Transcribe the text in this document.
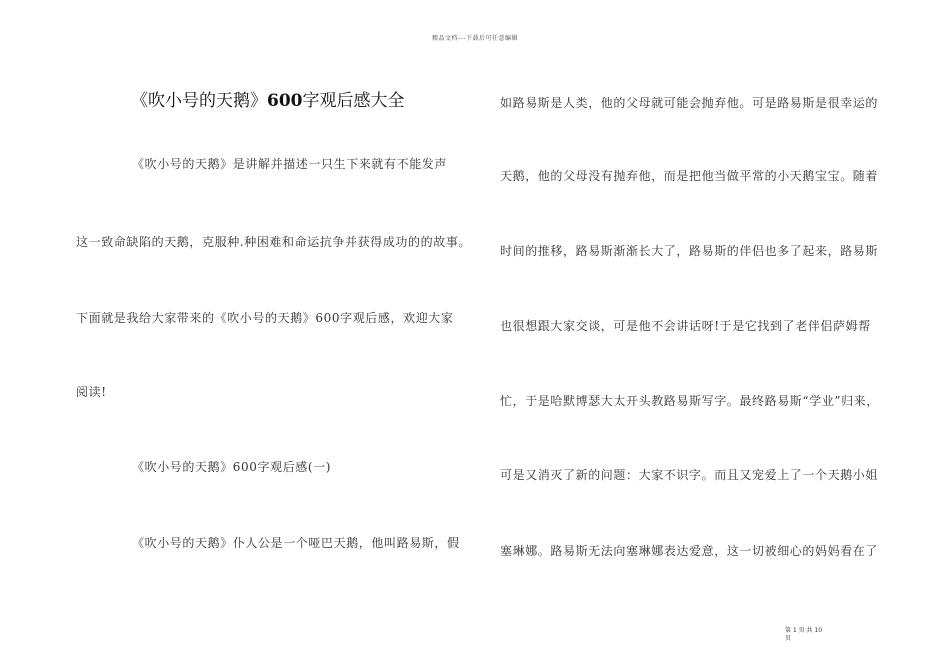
精品文档---下载后可任意编辑
《吹小号的天鹅》600字观后感大全
《吹小号的天鹅》是讲解并描述一只生下来就有不能发声
这一致命缺陷的天鹅，克服种.种困难和命运抗争并获得成功的的故事。
下面就是我给大家带来的《吹小号的天鹅》600字观后感，欢迎大家
阅读!
《吹小号的天鹅》600字观后感(一)
《吹小号的天鹅》仆人公是一个哑巴天鹅，他叫路易斯，假
如路易斯是人类，他的父母就可能会抛弃他。可是路易斯是很幸运的
天鹅，他的父母没有抛弃他，而是把他当做平常的小天鹅宝宝。随着
时间的推移，路易斯渐渐长大了，路易斯的伴侣也多了起来，路易斯
也很想跟大家交谈，可是他不会讲话呀!于是它找到了老伴侣萨姆帮
忙，于是哈默博瑟大太开头教路易斯写字。最终路易斯“学业”归来，
可是又消灭了新的问题：大家不识字。而且又宠爱上了一个天鹅小姐
塞琳娜。路易斯无法向塞琳娜表达爱意，这一切被细心的妈妈看在了
第 1 页 共 10
页
